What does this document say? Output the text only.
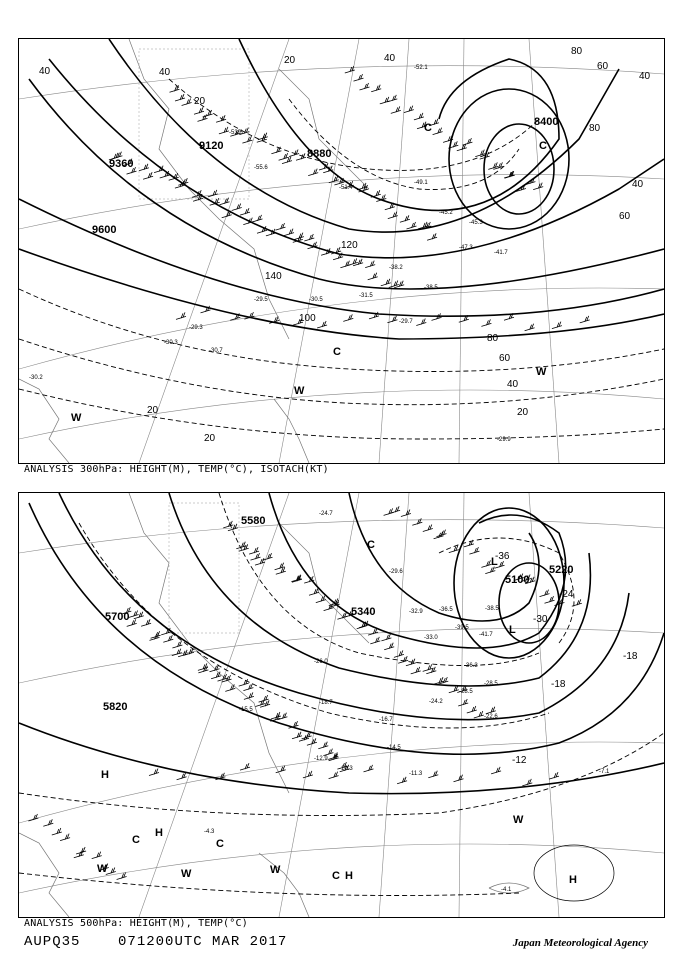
9360
9120
9600
8880
8400
40
20
40
20	40
80
120
140
100
80
60
40
20
20
60
40
80
20
40
60
-53.6
-51.4
-45.2
-49.1
-38.2
-31.5
-30.3
-30.7
-29.3
-29.5	-30.5
-29.7
-29.9
-30.2
-45.3
-41.7
-38.5
-47.3
-52.1
-55.6
W
C
W
C
W
C
ANALYSIS 300hPa: HEIGHT(M), TEMP(°C), ISOTACH(KT)
5580
5700
5820
5100
5220
5340
-36
-30
-24
-18
-12
-18
-24.7
-29.6
-32.9	-36.5
-39.5
-41.7
-38.5
-36.3
-28.5
-22.6
-16.7
-14.5
-11.3
-12.9
-10.3	-7.1
-4.3
-4.1
-15.5
-18.7
-26.0
-33.0
-24.2
-28.5
L
L
H
H
C	C
W	W	W	C H
W
H
C
ANALYSIS 500hPa: HEIGHT(M), TEMP(°C)
AUPQ35	071200UTC MAR 2017	Japan Meteorological Agency
